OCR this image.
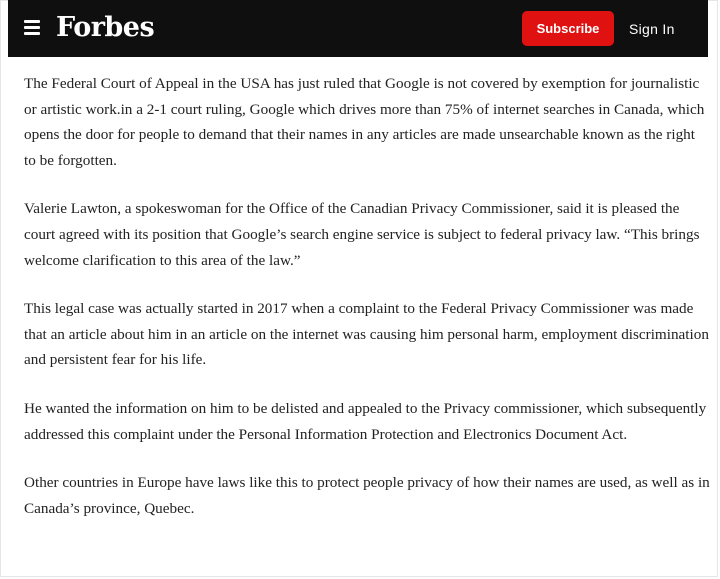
Forbes	Subscribe	Sign In

The Federal Court of Appeal in the USA has just ruled that Google is not covered by exemption for journalistic or artistic work.in a 2-1 court ruling, Google which drives more than 75% of internet searches in Canada, which opens the door for people to demand that their names in any articles are made unsearchable known as the right to be forgotten.

Valerie Lawton, a spokeswoman for the Office of the Canadian Privacy Commissioner, said it is pleased the court agreed with its position that Google’s search engine service is subject to federal privacy law. “This brings welcome clarification to this area of the law.”

This legal case was actually started in 2017 when a complaint to the Federal Privacy Commissioner was made that an article about him in an article on the internet was causing him personal harm, employment discrimination and persistent fear for his life.

He wanted the information on him to be delisted and appealed to the Privacy commissioner, which subsequently addressed this complaint under the Personal Information Protection and Electronics Document Act.

Other countries in Europe have laws like this to protect people privacy of how their names are used, as well as in Canada’s province, Quebec.
